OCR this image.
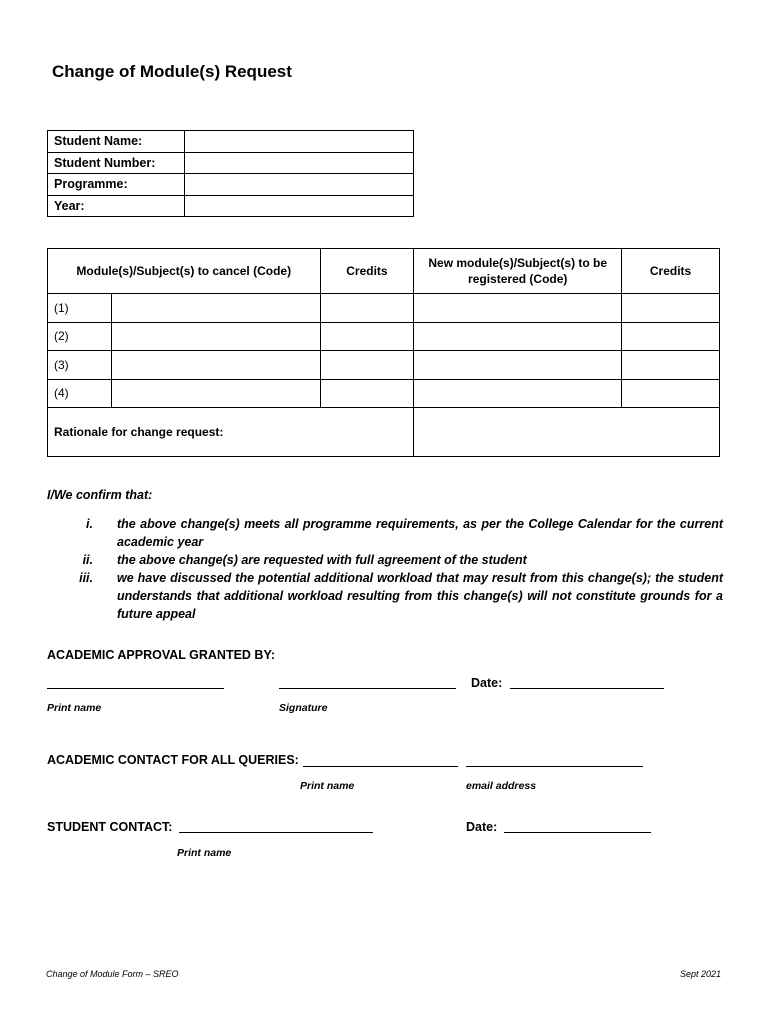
Change of Module(s) Request
Student Name:	
Student Number:	
Programme:	
Year:	
Module(s)/Subject(s) to cancel (Code)		Credits	New module(s)/Subject(s) to be registered (Code)	Credits
(1)				
(2)				
(3)				
(4)				
Rationale for change request:				
I/We confirm that:
i.	the above change(s) meets all programme requirements, as per the College Calendar for the current academic year
ii.	the above change(s) are requested with full agreement of the student
iii.	we have discussed the potential additional workload that may result from this change(s); the student understands that additional workload resulting from this change(s) will not constitute grounds for a future appeal
ACADEMIC APPROVAL GRANTED BY:
Date:
Print name	Signature
ACADEMIC CONTACT FOR ALL QUERIES:
Print name	email address
STUDENT CONTACT:	Date:
Print name
Change of Module Form – SREO	Sept 2021
